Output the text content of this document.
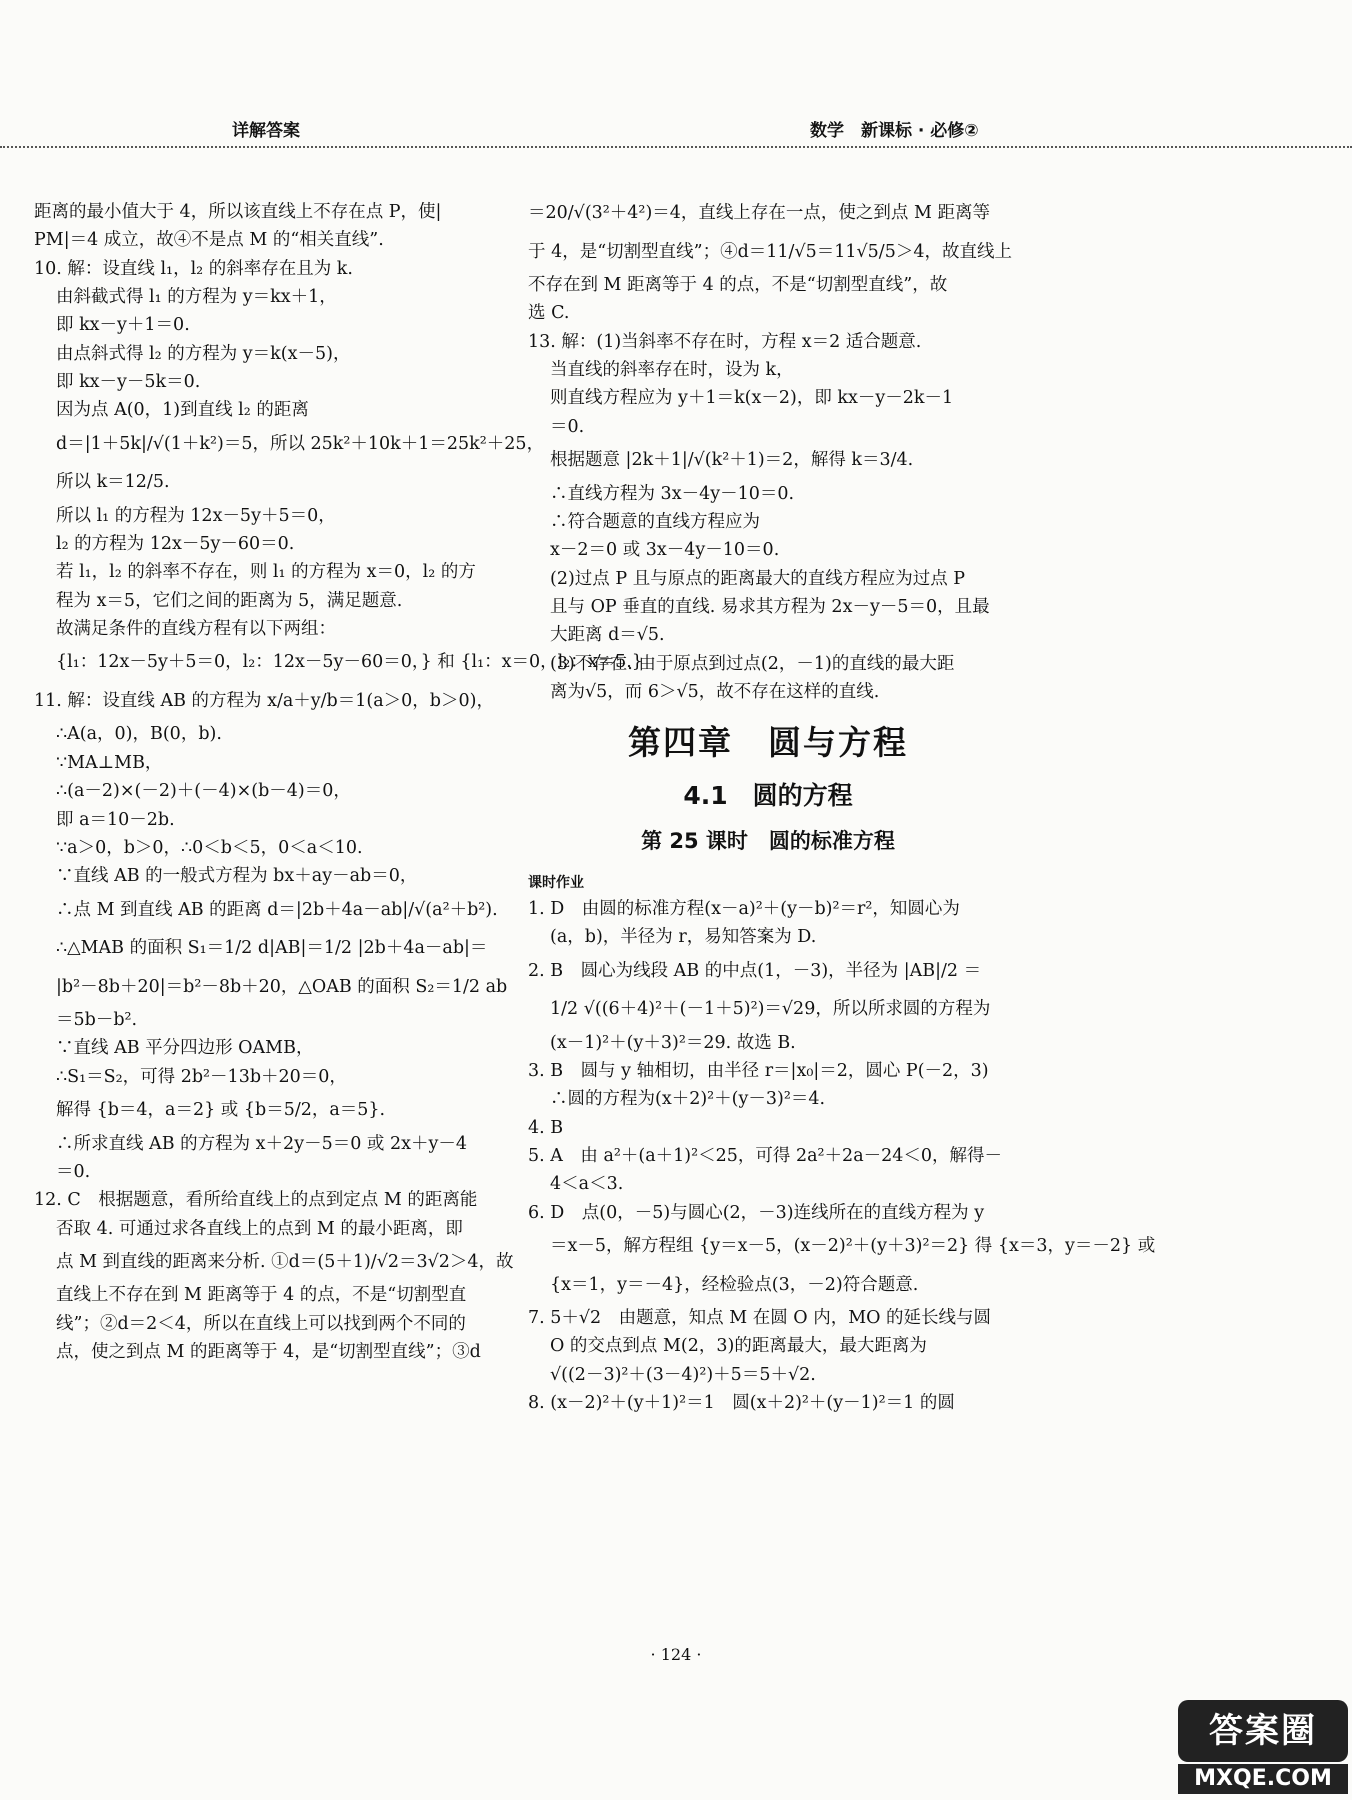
详解答案	数学　新课标 · 必修②
距离的最小值大于 4，所以该直线上不存在点 P，使|
PM|＝4 成立，故④不是点 M 的“相关直线”.
10. 解：设直线 l₁，l₂ 的斜率存在且为 k.
由斜截式得 l₁ 的方程为 y＝kx＋1，
即 kx－y＋1＝0.
由点斜式得 l₂ 的方程为 y＝k(x－5)，
即 kx－y－5k＝0.
因为点 A(0，1)到直线 l₂ 的距离
d＝|1＋5k|/√(1＋k²)＝5，所以 25k²＋10k＋1＝25k²＋25，
所以 k＝12/5.
所以 l₁ 的方程为 12x－5y＋5＝0，
l₂ 的方程为 12x－5y－60＝0.
若 l₁，l₂ 的斜率不存在，则 l₁ 的方程为 x＝0，l₂ 的方
程为 x＝5，它们之间的距离为 5，满足题意.
故满足条件的直线方程有以下两组：
{l₁：12x－5y＋5＝0，l₂：12x－5y－60＝0，} 和 {l₁：x＝0，l₂：x＝5.}
11. 解：设直线 AB 的方程为 x/a＋y/b＝1(a＞0，b＞0)，
∴A(a，0)，B(0，b).
∵MA⊥MB，
∴(a－2)×(－2)＋(－4)×(b－4)＝0，
即 a＝10－2b.
∵a＞0，b＞0，∴0＜b＜5，0＜a＜10.
∵直线 AB 的一般式方程为 bx＋ay－ab＝0，
∴点 M 到直线 AB 的距离 d＝|2b＋4a－ab|/√(a²＋b²).
∴△MAB 的面积 S₁＝1/2 d|AB|＝1/2 |2b＋4a－ab|＝
|b²－8b＋20|＝b²－8b＋20，△OAB 的面积 S₂＝1/2 ab
＝5b－b².
∵直线 AB 平分四边形 OAMB，
∴S₁＝S₂，可得 2b²－13b＋20＝0，
解得 {b＝4，a＝2} 或 {b＝5/2，a＝5}.
∴所求直线 AB 的方程为 x＋2y－5＝0 或 2x＋y－4
＝0.
12. C　根据题意，看所给直线上的点到定点 M 的距离能
否取 4. 可通过求各直线上的点到 M 的最小距离，即
点 M 到直线的距离来分析. ①d＝(5＋1)/√2＝3√2＞4，故
直线上不存在到 M 距离等于 4 的点，不是“切割型直
线”；②d＝2＜4，所以在直线上可以找到两个不同的
点，使之到点 M 的距离等于 4，是“切割型直线”；③d
＝20/√(3²＋4²)＝4，直线上存在一点，使之到点 M 距离等
于 4，是“切割型直线”；④d＝11/√5＝11√5/5＞4，故直线上
不存在到 M 距离等于 4 的点，不是“切割型直线”，故
选 C.
13. 解：(1)当斜率不存在时，方程 x＝2 适合题意.
当直线的斜率存在时，设为 k，
则直线方程应为 y＋1＝k(x－2)，即 kx－y－2k－1
＝0.
根据题意 |2k＋1|/√(k²＋1)＝2，解得 k＝3/4.
∴直线方程为 3x－4y－10＝0.
∴符合题意的直线方程应为
x－2＝0 或 3x－4y－10＝0.
(2)过点 P 且与原点的距离最大的直线方程应为过点 P
且与 OP 垂直的直线. 易求其方程为 2x－y－5＝0，且最
大距离 d＝√5.
(3)不存在. 由于原点到过点(2，－1)的直线的最大距
离为√5，而 6＞√5，故不存在这样的直线.
第四章　圆与方程
4.1　圆的方程
第 25 课时　圆的标准方程
课时作业
1. D　由圆的标准方程(x－a)²＋(y－b)²＝r²，知圆心为
(a，b)，半径为 r，易知答案为 D.
2. B　圆心为线段 AB 的中点(1，－3)，半径为 |AB|/2 ＝
1/2 √((6＋4)²＋(－1＋5)²)＝√29，所以所求圆的方程为
(x－1)²＋(y＋3)²＝29. 故选 B.
3. B　圆与 y 轴相切，由半径 r＝|x₀|＝2，圆心 P(－2，3)
∴圆的方程为(x＋2)²＋(y－3)²＝4.
4. B
5. A　由 a²＋(a＋1)²＜25，可得 2a²＋2a－24＜0，解得－
4＜a＜3.
6. D　点(0，－5)与圆心(2，－3)连线所在的直线方程为 y
＝x－5，解方程组 {y＝x－5，(x－2)²＋(y＋3)²＝2} 得 {x＝3，y＝－2} 或
{x＝1，y＝－4}，经检验点(3，－2)符合题意.
7. 5＋√2　由题意，知点 M 在圆 O 内，MO 的延长线与圆
O 的交点到点 M(2，3)的距离最大，最大距离为
√((2－3)²＋(3－4)²)＋5＝5＋√2.
8. (x－2)²＋(y＋1)²＝1　圆(x＋2)²＋(y－1)²＝1 的圆
· 124 ·
答案圈
MXQE.COM
